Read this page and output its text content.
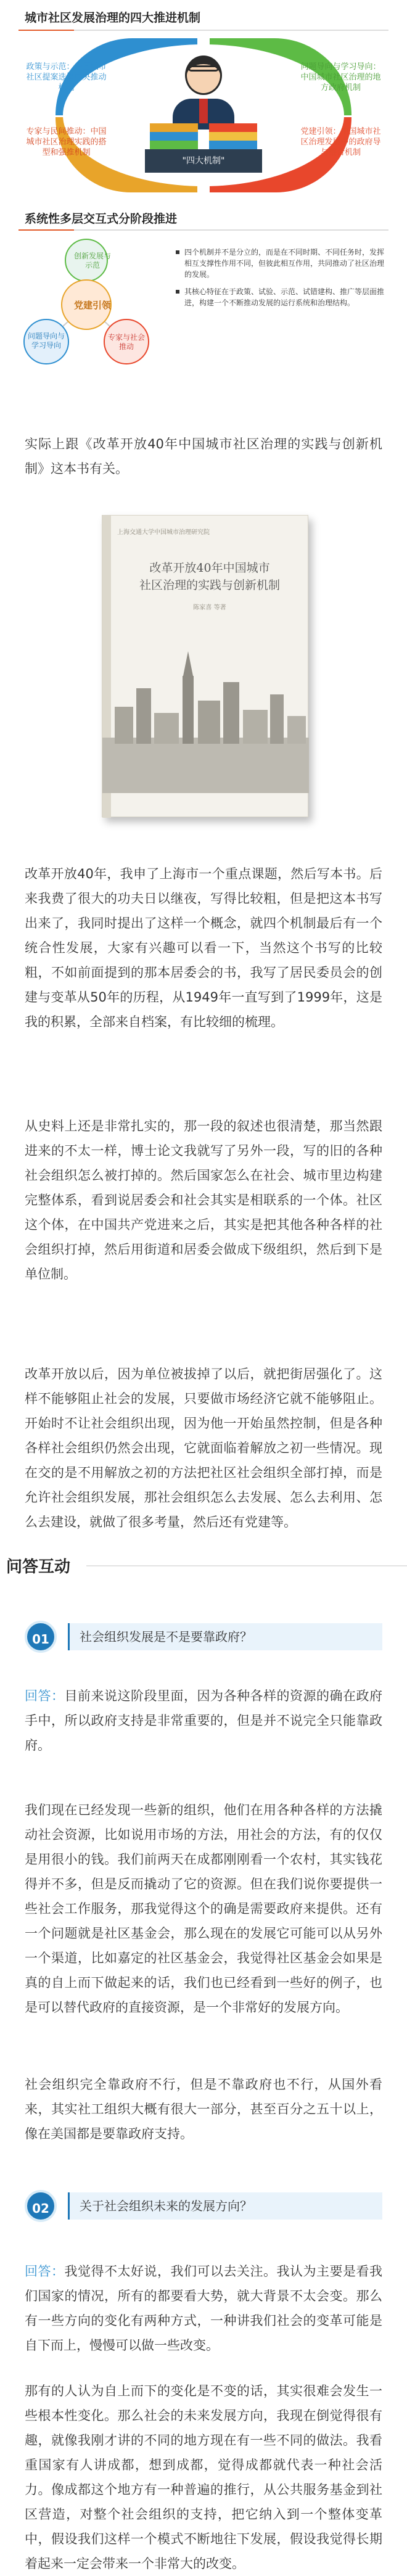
城市社区发展治理的四大推进机制
政策与示范：中国城市社区提案选择中央推动机制
专家与民间推动：中国城市社区治理实践的搭型和强推机制
问题导向与学习导向：中国城市社区治理的地方政府机制
党建引领：中国城市社区治理发展中的政府导与整合机制
"四大机制"
系统性多层交互式分阶段推进
创新发展与示范
党建引领
问题导向与学习导向
专家与社会推动
四个机制并不是分立的，而是在不同时期、不同任务时，发挥相互支撑性作用不同，但彼此相互作用，共同推动了社区治理的发展。
其核心特征在于政策、试验、示范、试错建构、推广等层面推进，构建一个不断推动发展的运行系统和治理结构。
实际上跟《改革开放40年中国城市社区治理的实践与创新机制》这本书有关。
上海交通大学中国城市治理研究院
改革开放40年中国城市
社区治理的实践与创新机制
陈家喜 等著
改革开放40年，我申了上海市一个重点课题，然后写本书。后来我费了很大的功夫日以继夜，写得比较粗，但是把这本书写出来了，我同时提出了这样一个概念，就四个机制最后有一个统合性发展，大家有兴趣可以看一下，当然这个书写的比较粗，不如前面提到的那本居委会的书，我写了居民委员会的创建与变革从50年的历程，从1949年一直写到了1999年，这是我的积累，全部来自档案，有比较细的梳理。
从史料上还是非常扎实的，那一段的叙述也很清楚，那当然跟进来的不太一样，博士论文我就写了另外一段，写的旧的各种社会组织怎么被打掉的。然后国家怎么在社会、城市里边构建完整体系，看到说居委会和社会其实是相联系的一个体。社区这个体，在中国共产党进来之后，其实是把其他各种各样的社会组织打掉，然后用街道和居委会做成下级组织，然后到下是单位制。
改革开放以后，因为单位被拔掉了以后，就把街居强化了。这样不能够阻止社会的发展，只要做市场经济它就不能够阻止。开始时不让社会组织出现，因为他一开始虽然控制，但是各种各样社会组织仍然会出现，它就面临着解放之初一些情况。现在交的是不用解放之初的方法把社区社会组织全部打掉，而是允许社会组织发展，那社会组织怎么去发展、怎么去利用、怎么去建设，就做了很多考量，然后还有党建等。
问答互动
01	社会组织发展是不是要靠政府？
回答：目前来说这阶段里面，因为各种各样的资源的确在政府手中，所以政府支持是非常重要的，但是并不说完全只能靠政府。
我们现在已经发现一些新的组织，他们在用各种各样的方法撬动社会资源，比如说用市场的方法，用社会的方法，有的仅仅是用很小的钱。我们前两天在成都刚刚看一个农村，其实钱花得并不多，但是反而撬动了它的资源。但在我们说你要提供一些社会工作服务，那我觉得这个的确是需要政府来提供。还有一个问题就是社区基金会，那么现在的发展它可能可以从另外一个渠道，比如嘉定的社区基金会，我觉得社区基金会如果是真的自上而下做起来的话，我们也已经看到一些好的例子，也是可以替代政府的直接资源，是一个非常好的发展方向。
社会组织完全靠政府不行，但是不靠政府也不行，从国外看来，其实社工组织大概有很大一部分，甚至百分之五十以上，像在美国都是要靠政府支持。
02	关于社会组织未来的发展方向？
回答：我觉得不太好说，我们可以去关注。我认为主要是看我们国家的情况，所有的都要看大势，就大背景不太会变。那么有一些方向的变化有两种方式，一种讲我们社会的变革可能是自下而上，慢慢可以做一些改变。
那有的人认为自上而下的变化是不变的话，其实很难会发生一些根本性变化。那么社会的未来发展方向，我现在倒觉得很有趣，就像我刚才讲的不同的地方现在有一些不同的做法。我看重国家有人讲成都，想到成都，觉得成都就代表一种社会活力。像成都这个地方有一种普遍的推行，从公共服务基金到社区营造，对整个社会组织的支持，把它纳入到一个整体变革中，假设我们这样一个模式不断地往下发展，假设我觉得长期着起来一定会带来一个非常大的改变。
